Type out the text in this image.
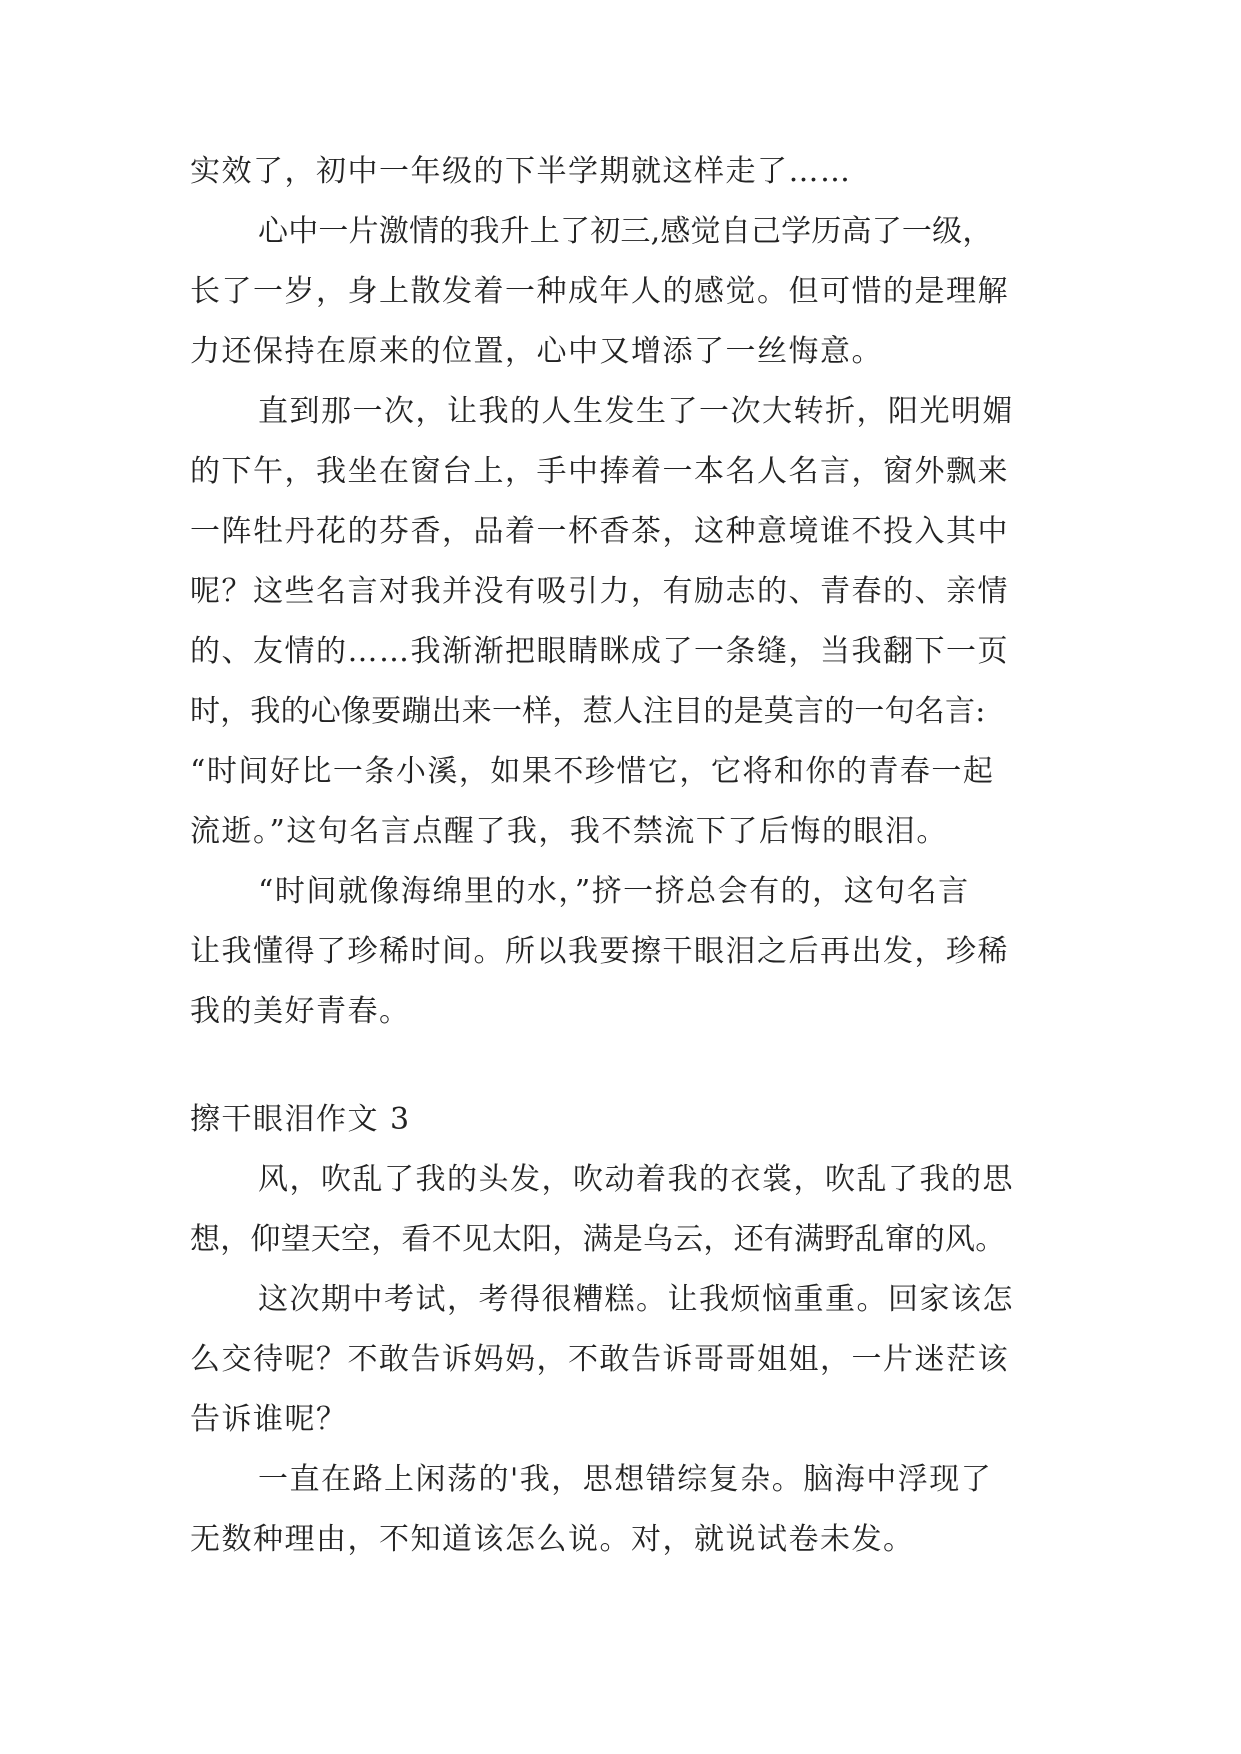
实效了，初中一年级的下半学期就这样走了……

心中一片激情的我升上了初三,感觉自己学历高了一级，

长了一岁，身上散发着一种成年人的感觉。但可惜的是理解

力还保持在原来的位置，心中又增添了一丝悔意。

直到那一次，让我的人生发生了一次大转折，阳光明媚

的下午，我坐在窗台上，手中捧着一本名人名言，窗外飘来

一阵牡丹花的芬香，品着一杯香茶，这种意境谁不投入其中

呢？这些名言对我并没有吸引力，有励志的、青春的、亲情

的、友情的……我渐渐把眼睛眯成了一条缝，当我翻下一页

时，我的心像要蹦出来一样，惹人注目的是莫言的一句名言:

“时间好比一条小溪，如果不珍惜它，它将和你的青春一起

流逝。”这句名言点醒了我，我不禁流下了后悔的眼泪。

“时间就像海绵里的水，”挤一挤总会有的，这句名言

让我懂得了珍稀时间。所以我要擦干眼泪之后再出发，珍稀

我的美好青春。

擦干眼泪作文 3

风，吹乱了我的头发，吹动着我的衣裳，吹乱了我的思

想，仰望天空，看不见太阳，满是乌云，还有满野乱窜的风。

这次期中考试，考得很糟糕。让我烦恼重重。回家该怎

么交待呢？不敢告诉妈妈，不敢告诉哥哥姐姐，一片迷茫该

告诉谁呢？

一直在路上闲荡的'我，思想错综复杂。脑海中浮现了

无数种理由，不知道该怎么说。对，就说试卷未发。
